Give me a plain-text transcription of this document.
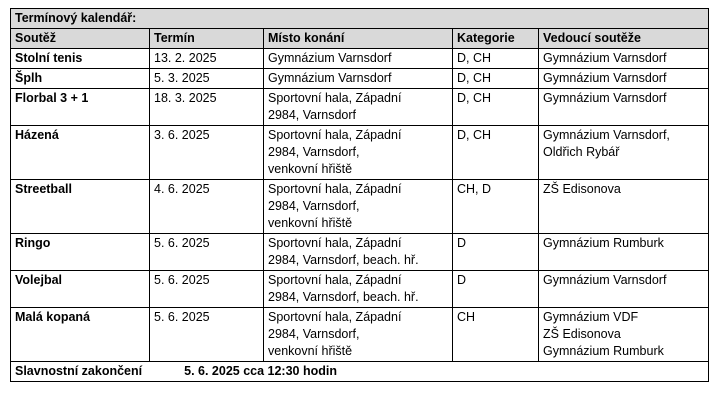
Termínový kalendář:				
Soutěž	Termín	Místo konání	Kategorie	Vedoucí soutěže
Stolní tenis	13. 2. 2025	Gymnázium Varnsdorf	D, CH	Gymnázium Varnsdorf

Šplh	5. 3. 2025	Gymnázium Varnsdorf	D, CH	Gymnázium Varnsdorf

Florbal 3 + 1	18. 3. 2025	Sportovní hala, Západní
2984, Varnsdorf	D, CH	Gymnázium Varnsdorf

Házená	3. 6. 2025	Sportovní hala, Západní
2984, Varnsdorf,
venkovní hřiště	D, CH	Gymnázium Varnsdorf,
Oldřich Rybář

Streetball	4. 6. 2025	Sportovní hala, Západní
2984, Varnsdorf,
venkovní hřiště	CH, D	ZŠ Edisonova

Ringo	5. 6. 2025	Sportovní hala, Západní
2984, Varnsdorf, beach. hř.	D	Gymnázium Rumburk

Volejbal	5. 6. 2025	Sportovní hala, Západní
2984, Varnsdorf, beach. hř.	D	Gymnázium Varnsdorf

Malá kopaná	5. 6. 2025	Sportovní hala, Západní
2984, Varnsdorf,
venkovní hřiště	CH	Gymnázium VDF
ZŠ Edisonova
Gymnázium Rumburk

Slavnostní zakončení 5. 6. 2025 cca 12:30 hodin				
